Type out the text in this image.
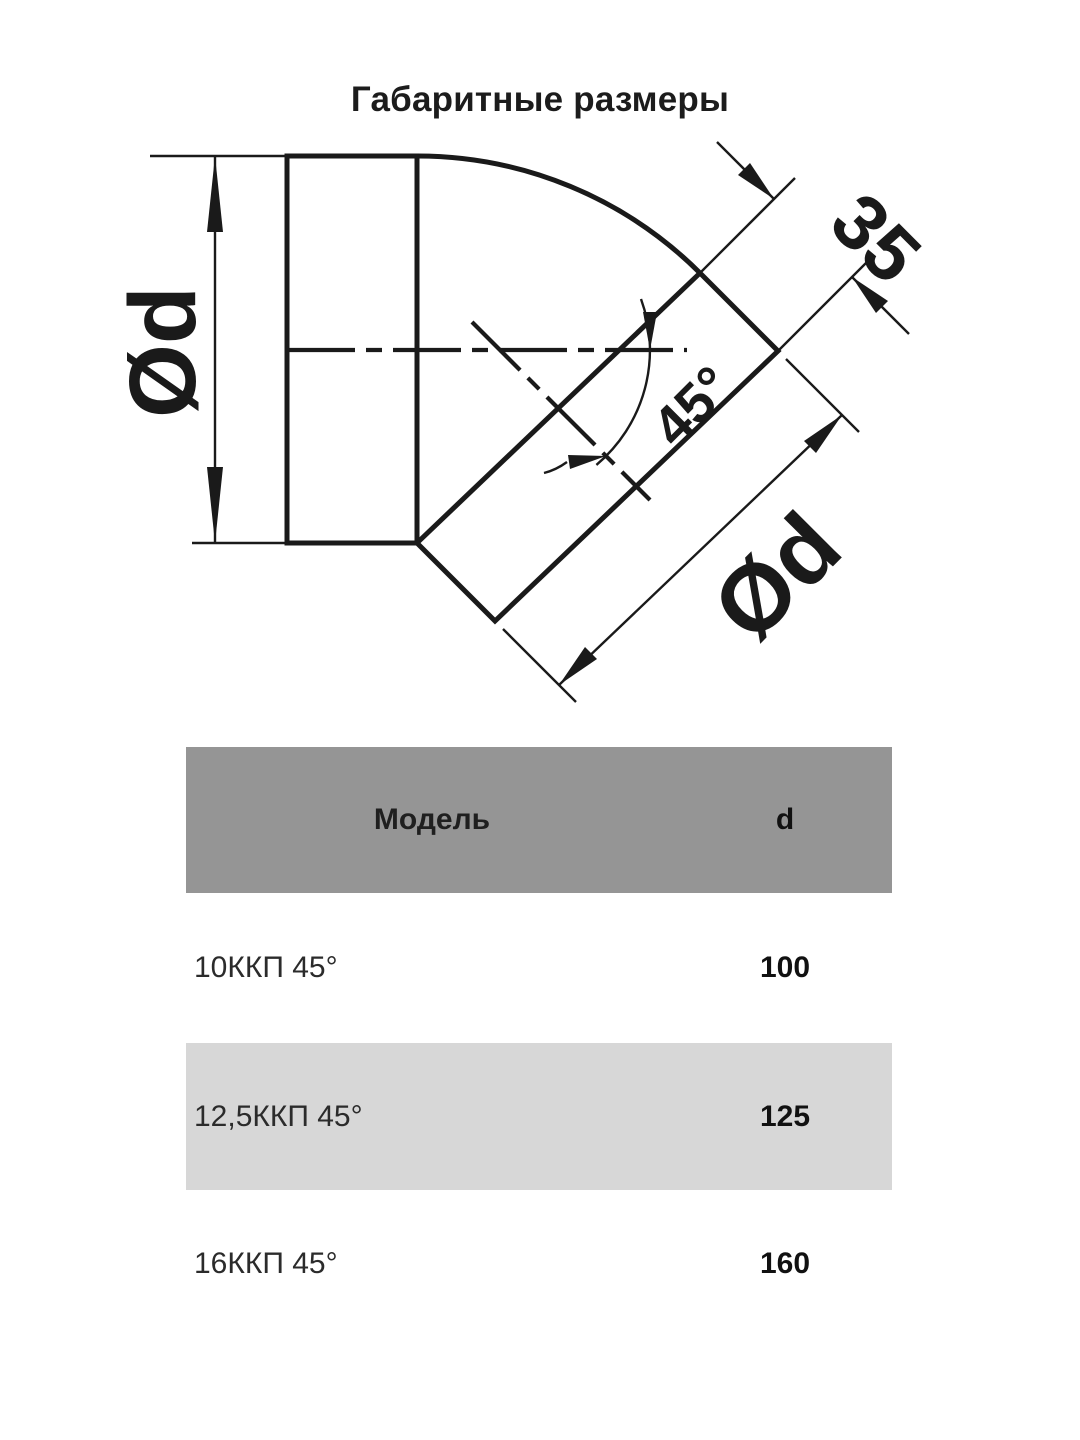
Габаритные размеры
Ød
35
45°
Ød
Модель	d
10ККП 45°	100
12,5ККП 45°	125
16ККП 45°	160
